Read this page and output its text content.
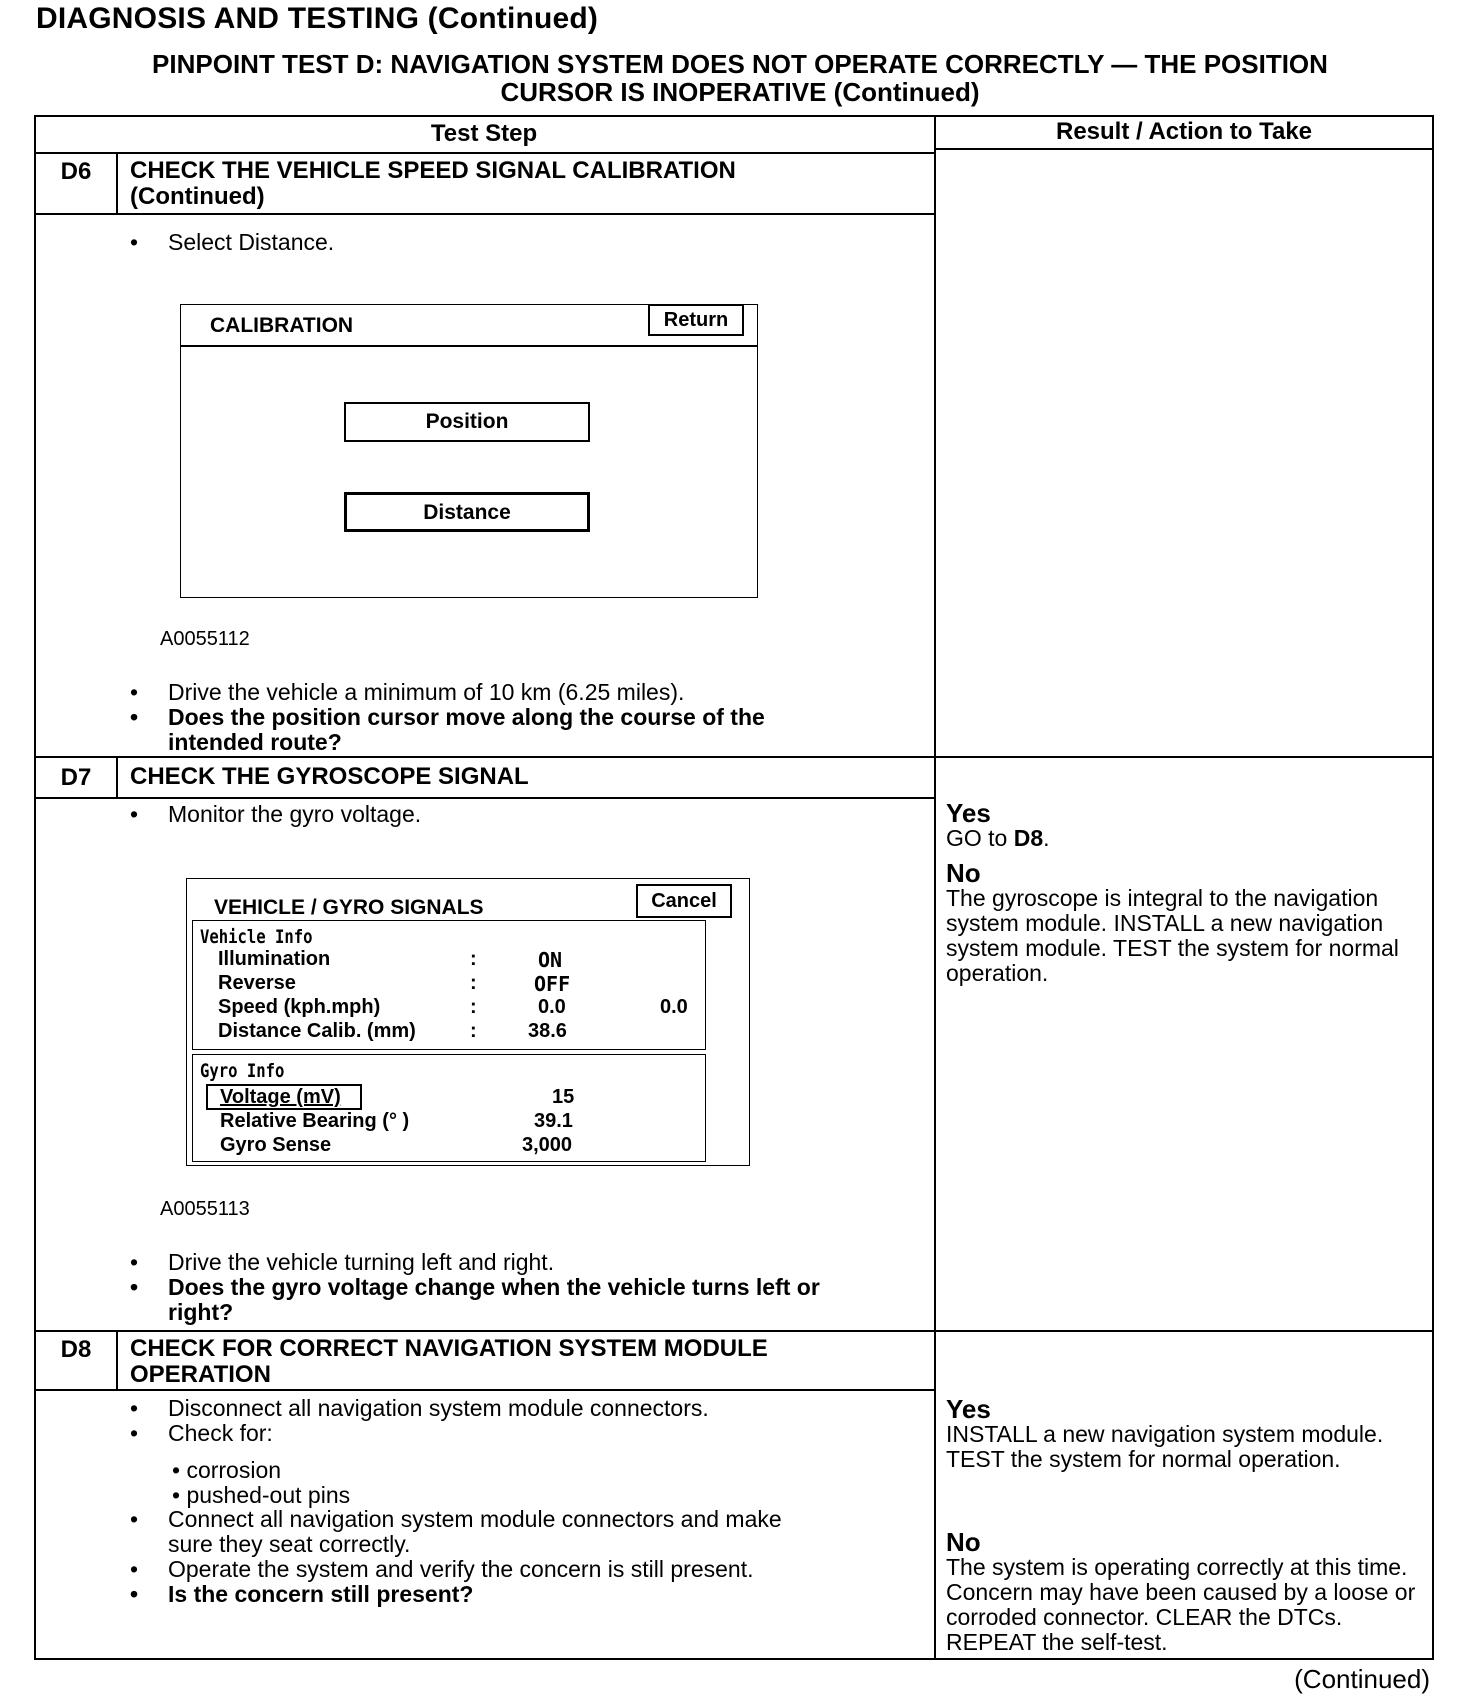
DIAGNOSIS AND TESTING (Continued)
PINPOINT TEST D: NAVIGATION SYSTEM DOES NOT OPERATE CORRECTLY — THE POSITION
CURSOR IS INOPERATIVE (Continued)
Test Step	Result / Action to Take
D6	CHECK THE VEHICLE SPEED SIGNAL CALIBRATION
(Continued)
• Select Distance.
CALIBRATION	Return
Position
Distance
A0055112
• Drive the vehicle a minimum of 10 km (6.25 miles).
• Does the position cursor move along the course of the
intended route?
D7	CHECK THE GYROSCOPE SIGNAL
• Monitor the gyro voltage.
VEHICLE / GYRO SIGNALS	Cancel
Vehicle Info
Illumination	:	ON
Reverse	:	OFF
Speed (kph.mph)	:	0.0	0.0
Distance Calib. (mm)	:	38.6
Gyro Info
Voltage (mV)	15
Relative Bearing (° )	39.1
Gyro Sense	3,000
A0055113
• Drive the vehicle turning left and right.
• Does the gyro voltage change when the vehicle turns left or
right?
Yes
GO to D8.
No
The gyroscope is integral to the navigation system module. INSTALL a new navigation system module. TEST the system for normal operation.
D8	CHECK FOR CORRECT NAVIGATION SYSTEM MODULE
OPERATION
• Disconnect all navigation system module connectors.
• Check for:
• corrosion
• pushed-out pins
• Connect all navigation system module connectors and make
sure they seat correctly.
• Operate the system and verify the concern is still present.
• Is the concern still present?
Yes
INSTALL a new navigation system module. TEST the system for normal operation.
No
The system is operating correctly at this time. Concern may have been caused by a loose or corroded connector. CLEAR the DTCs. REPEAT the self-test.
(Continued)
